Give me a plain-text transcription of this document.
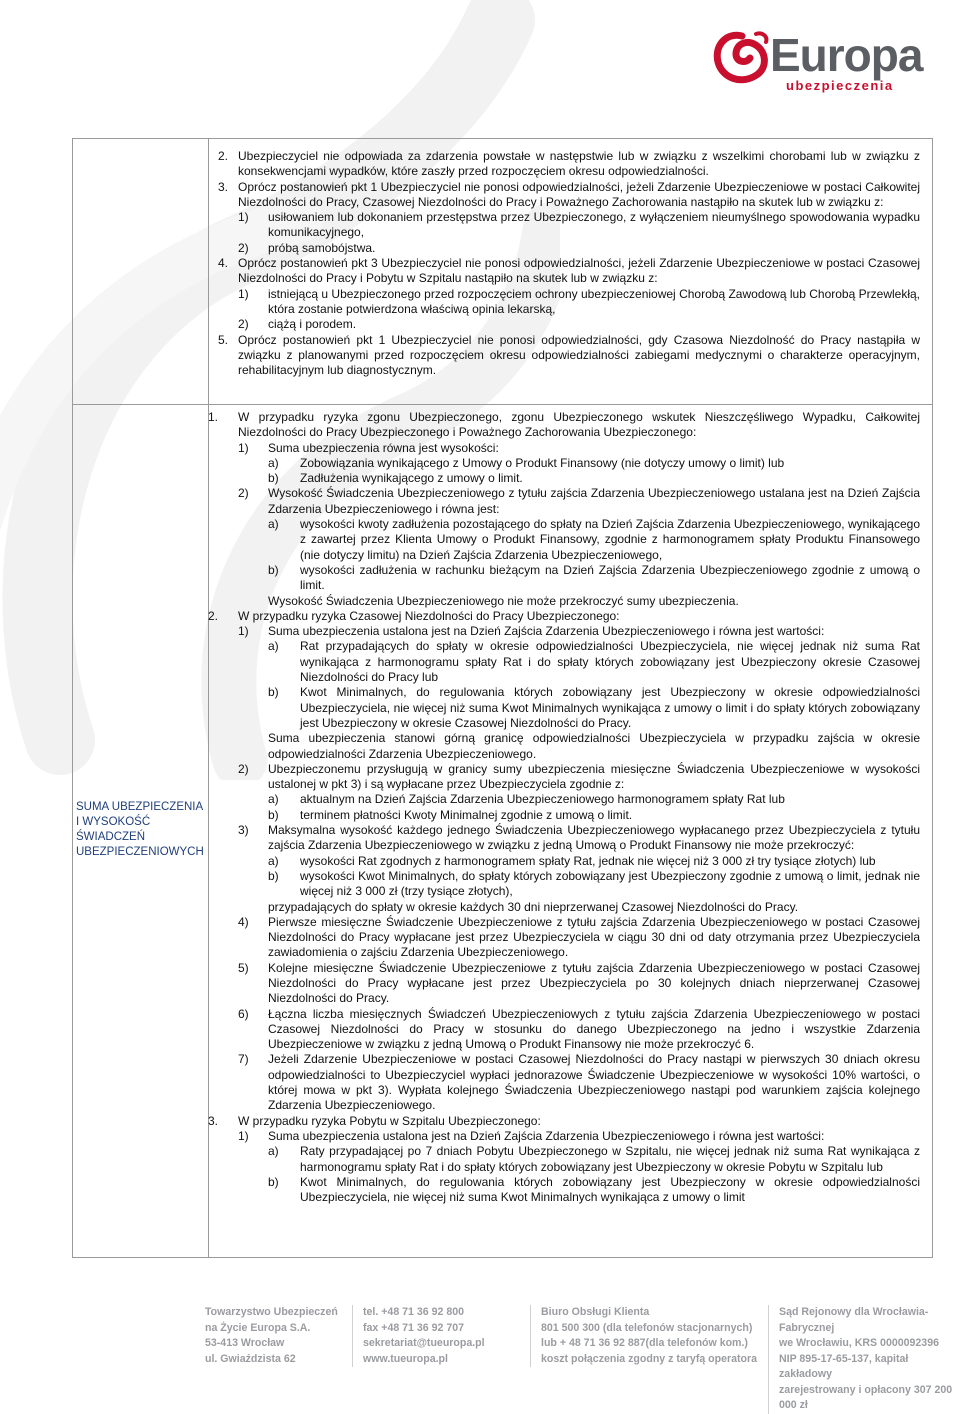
Europa
ubezpieczenia
SUMA UBEZPIECZENIA I WYSOKOŚĆ ŚWIADCZEŃ UBEZPIECZENIOWYCH
2. Ubezpieczyciel nie odpowiada za zdarzenia powstałe w następstwie lub w związku z wszelkimi chorobami lub w związku z konsekwencjami wypadków, które zaszły przed rozpoczęciem okresu odpowiedzialności.

3. Oprócz postanowień pkt 1 Ubezpieczyciel nie ponosi odpowiedzialności, jeżeli Zdarzenie Ubezpieczeniowe w postaci Całkowitej Niezdolności do Pracy, Czasowej Niezdolności do Pracy i Poważnego Zachorowania nastąpiło na skutek lub w związku z:

1) usiłowaniem lub dokonaniem przestępstwa przez Ubezpieczonego, z wyłączeniem nieumyślnego spowodowania wypadku komunikacyjnego,

2) próbą samobójstwa.

4. Oprócz postanowień pkt 3 Ubezpieczyciel nie ponosi odpowiedzialności, jeżeli Zdarzenie Ubezpieczeniowe w postaci Czasowej Niezdolności do Pracy i Pobytu w Szpitalu nastąpiło na skutek lub w związku z:

1) istniejącą u Ubezpieczonego przed rozpoczęciem ochrony ubezpieczeniowej Chorobą Zawodową lub Chorobą Przewlekłą, która zostanie potwierdzona właściwą opinia lekarską,

2) ciążą i porodem.

5. Oprócz postanowień pkt 1 Ubezpieczyciel nie ponosi odpowiedzialności, gdy Czasowa Niezdolność do Pracy nastąpiła w związku z planowanymi przed rozpoczęciem okresu odpowiedzialności zabiegami medycznymi o charakterze operacyjnym, rehabilitacyjnym lub diagnostycznym.

1. W przypadku ryzyka zgonu Ubezpieczonego, zgonu Ubezpieczonego wskutek Nieszczęśliwego Wypadku, Całkowitej Niezdolności do Pracy Ubezpieczonego i Poważnego Zachorowania Ubezpieczonego:

1) Suma ubezpieczenia równa jest wysokości:

a) Zobowiązania wynikającego z Umowy o Produkt Finansowy (nie dotyczy umowy o limit) lub

b) Zadłużenia wynikającego z umowy o limit.

2) Wysokość Świadczenia Ubezpieczeniowego z tytułu zajścia Zdarzenia Ubezpieczeniowego ustalana jest na Dzień Zajścia Zdarzenia Ubezpieczeniowego i równa jest:

a) wysokości kwoty zadłużenia pozostającego do spłaty na Dzień Zajścia Zdarzenia Ubezpieczeniowego, wynikającego z zawartej przez Klienta Umowy o Produkt Finansowy, zgodnie z harmonogramem spłaty Produktu Finansowego (nie dotyczy limitu) na Dzień Zajścia Zdarzenia Ubezpieczeniowego,

b) wysokości zadłużenia w rachunku bieżącym na Dzień Zajścia Zdarzenia Ubezpieczeniowego zgodnie z umową o limit.

Wysokość Świadczenia Ubezpieczeniowego nie może przekroczyć sumy ubezpieczenia.

2. W przypadku ryzyka Czasowej Niezdolności do Pracy Ubezpieczonego:

1) Suma ubezpieczenia ustalona jest na Dzień Zajścia Zdarzenia Ubezpieczeniowego i równa jest wartości:

a) Rat przypadających do spłaty w okresie odpowiedzialności Ubezpieczyciela, nie więcej jednak niż suma Rat wynikająca z harmonogramu spłaty Rat i do spłaty których zobowiązany jest Ubezpieczony okresie Czasowej Niezdolności do Pracy lub

b) Kwot Minimalnych, do regulowania których zobowiązany jest Ubezpieczony w okresie odpowiedzialności Ubezpieczyciela, nie więcej niż suma Kwot Minimalnych wynikająca z umowy o limit i do spłaty których zobowiązany jest Ubezpieczony w okresie Czasowej Niezdolności do Pracy.

Suma ubezpieczenia stanowi górną granicę odpowiedzialności Ubezpieczyciela w przypadku zajścia w okresie odpowiedzialności Zdarzenia Ubezpieczeniowego.

2) Ubezpieczonemu przysługują w granicy sumy ubezpieczenia miesięczne Świadczenia Ubezpieczeniowe w wysokości ustalonej w pkt 3) i są wypłacane przez Ubezpieczyciela zgodnie z:

a) aktualnym na Dzień Zajścia Zdarzenia Ubezpieczeniowego harmonogramem spłaty Rat lub

b) terminem płatności Kwoty Minimalnej zgodnie z umową o limit.

3) Maksymalna wysokość każdego jednego Świadczenia Ubezpieczeniowego wypłacanego przez Ubezpieczyciela z tytułu zajścia Zdarzenia Ubezpieczeniowego w związku z jedną Umową o Produkt Finansowy nie może przekroczyć:

a) wysokości Rat zgodnych z harmonogramem spłaty Rat, jednak nie więcej niż 3 000 zł try tysiące złotych) lub

b) wysokości Kwot Minimalnych, do spłaty których zobowiązany jest Ubezpieczony zgodnie z umową o limit, jednak nie więcej niż 3 000 zł (trzy tysiące złotych),

przypadających do spłaty w okresie każdych 30 dni nieprzerwanej Czasowej Niezdolności do Pracy.

4) Pierwsze miesięczne Świadczenie Ubezpieczeniowe z tytułu zajścia Zdarzenia Ubezpieczeniowego w postaci Czasowej Niezdolności do Pracy wypłacane jest przez Ubezpieczyciela w ciągu 30 dni od daty otrzymania przez Ubezpieczyciela zawiadomienia o zajściu Zdarzenia Ubezpieczeniowego.

5) Kolejne miesięczne Świadczenie Ubezpieczeniowe z tytułu zajścia Zdarzenia Ubezpieczeniowego w postaci Czasowej Niezdolności do Pracy wypłacane jest przez Ubezpieczyciela po 30 kolejnych dniach nieprzerwanej Czasowej Niezdolności do Pracy.

6) Łączna liczba miesięcznych Świadczeń Ubezpieczeniowych z tytułu zajścia Zdarzenia Ubezpieczeniowego w postaci Czasowej Niezdolności do Pracy w stosunku do danego Ubezpieczonego na jedno i wszystkie Zdarzenia Ubezpieczeniowe w związku z jedną Umową o Produkt Finansowy nie może przekroczyć 6.

7) Jeżeli Zdarzenie Ubezpieczeniowe w postaci Czasowej Niezdolności do Pracy nastąpi w pierwszych 30 dniach okresu odpowiedzialności to Ubezpieczyciel wypłaci jednorazowe Świadczenie Ubezpieczeniowe w wysokości 10% wartości, o której mowa w pkt 3). Wypłata kolejnego Świadczenia Ubezpieczeniowego nastąpi pod warunkiem zajścia kolejnego Zdarzenia Ubezpieczeniowego.

3. W przypadku ryzyka Pobytu w Szpitalu Ubezpieczonego:

1) Suma ubezpieczenia ustalona jest na Dzień Zajścia Zdarzenia Ubezpieczeniowego i równa jest wartości:

a) Raty przypadającej po 7 dniach Pobytu Ubezpieczonego w Szpitalu, nie więcej jednak niż suma Rat wynikająca z harmonogramu spłaty Rat i do spłaty których zobowiązany jest Ubezpieczony w okresie Pobytu w Szpitalu lub

b) Kwot Minimalnych, do regulowania których zobowiązany jest Ubezpieczony w okresie odpowiedzialności Ubezpieczyciela, nie więcej niż suma Kwot Minimalnych wynikająca z umowy o limit

Towarzystwo Ubezpieczeń
na Życie Europa S.A.
53-413 Wrocław
ul. Gwiaździsta 62
tel. +48 71 36 92 800
fax +48 71 36 92 707
sekretariat@tueuropa.pl
www.tueuropa.pl
Biuro Obsługi Klienta
801 500 300 (dla telefonów stacjonarnych)
lub + 48 71 36 92 887(dla telefonów kom.)
koszt połączenia zgodny z taryfą operatora
Sąd Rejonowy dla Wrocławia-Fabrycznej
we Wrocławiu, KRS 0000092396
NIP 895-17-65-137, kapitał zakładowy
zarejestrowany i opłacony 307 200 000 zł
